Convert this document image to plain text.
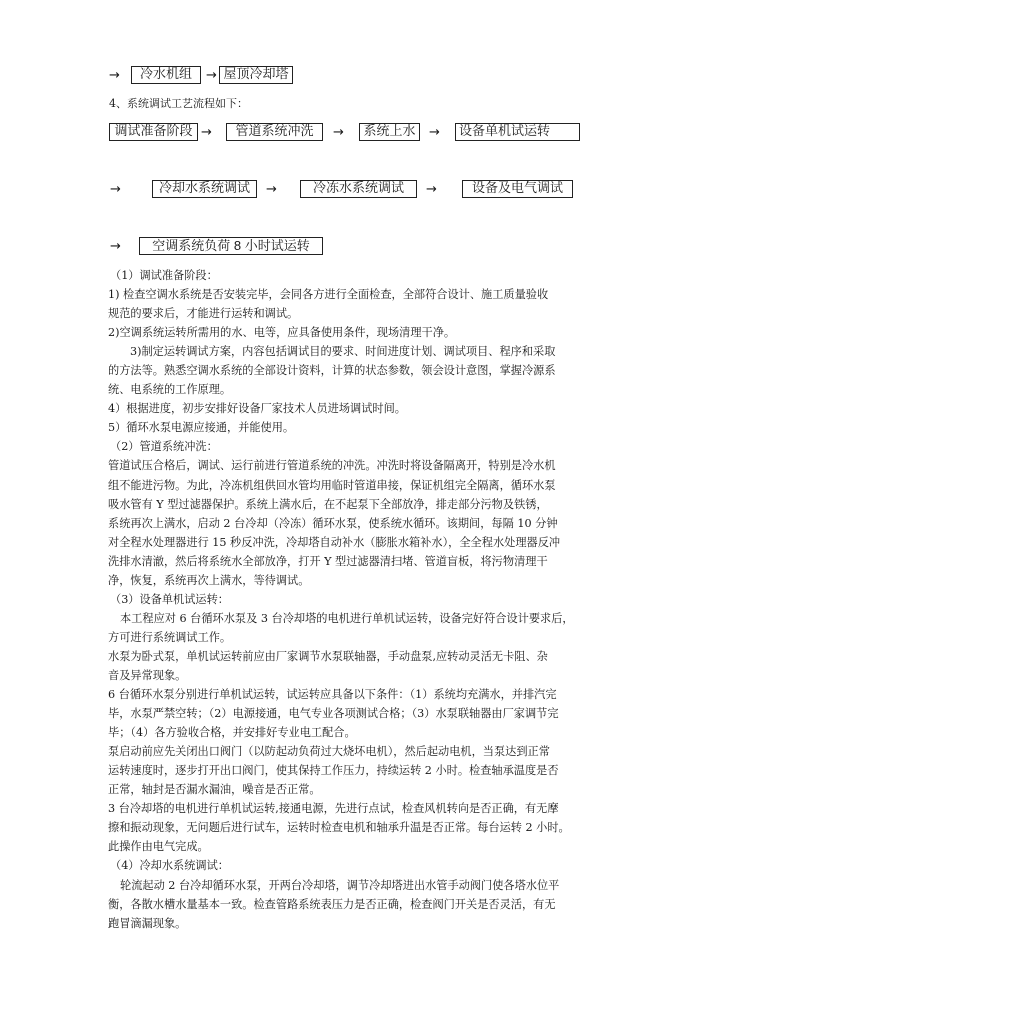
→	冷水机组	→ 屋顶冷却塔
4、系统调试工艺流程如下：
调试准备阶段 →	管道系统冲洗	→	系统上水	→	设备单机试运转
→	冷却水系统调试	→	冷冻水系统调试	→	设备及电气调试
→	空调系统负荷 8 小时试运转
（1）调试准备阶段：
1) 检查空调水系统是否安装完毕，会同各方进行全面检查，全部符合设计、施工质量验收
规范的要求后，才能进行运转和调试。
2)空调系统运转所需用的水、电等，应具备使用条件，现场清理干净。
3)制定运转调试方案，内容包括调试目的要求、时间进度计划、调试项目、程序和采取
的方法等。熟悉空调水系统的全部设计资料，计算的状态参数，领会设计意图，掌握冷源系
统、电系统的工作原理。
4）根据进度，初步安排好设备厂家技术人员进场调试时间。
5）循环水泵电源应接通，并能使用。
（2）管道系统冲洗：
管道试压合格后，调试、运行前进行管道系统的冲洗。冲洗时将设备隔离开，特别是冷水机
组不能进污物。为此，冷冻机组供回水管均用临时管道串接，保证机组完全隔离，循环水泵
吸水管有 Y 型过滤器保护。系统上满水后，在不起泵下全部放净，排走部分污物及铁锈，
系统再次上满水，启动 2 台冷却（冷冻）循环水泵，使系统水循环。该期间，每隔 10 分钟
对全程水处理器进行 15 秒反冲洗，冷却塔自动补水（膨胀水箱补水），全全程水处理器反冲
洗排水清澈，然后将系统水全部放净，打开 Y 型过滤器清扫堵、管道盲板，将污物清理干
净，恢复，系统再次上满水，等待调试。
（3）设备单机试运转：
本工程应对 6 台循环水泵及 3 台冷却塔的电机进行单机试运转，设备完好符合设计要求后，
方可进行系统调试工作。
水泵为卧式泵，单机试运转前应由厂家调节水泵联轴器，手动盘泵,应转动灵活无卡阻、杂
音及异常现象。
6 台循环水泵分别进行单机试运转，试运转应具备以下条件：（1）系统均充满水，并排汽完
毕，水泵严禁空转；（2）电源接通，电气专业各项测试合格；（3）水泵联轴器由厂家调节完
毕；（4）各方验收合格，并安排好专业电工配合。
泵启动前应先关闭出口阀门（以防起动负荷过大烧坏电机），然后起动电机，当泵达到正常
运转速度时，逐步打开出口阀门，使其保持工作压力，持续运转 2 小时。检查轴承温度是否
正常，轴封是否漏水漏油，噪音是否正常。
3 台冷却塔的电机进行单机试运转,接通电源，先进行点试，检查风机转向是否正确，有无摩
擦和振动现象，无问题后进行试车，运转时检查电机和轴承升温是否正常。每台运转 2 小时。
此操作由电气完成。
（4）冷却水系统调试：
轮流起动 2 台冷却循环水泵，开两台冷却塔，调节冷却塔进出水管手动阀门使各塔水位平
衡，各散水槽水量基本一致。检查管路系统表压力是否正确，检查阀门开关是否灵活，有无
跑冒滴漏现象。
